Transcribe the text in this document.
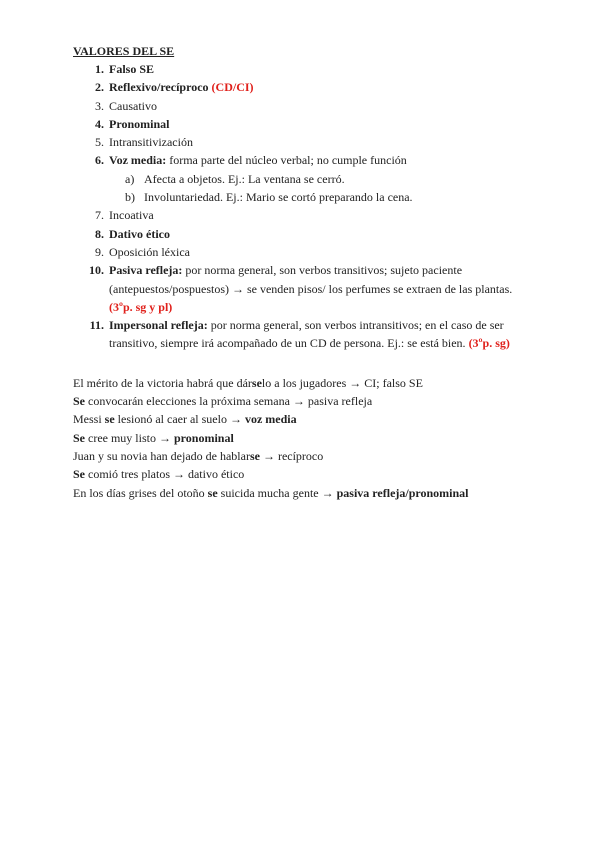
VALORES DEL SE
1. Falso SE
2. Reflexivo/recíproco (CD/CI)
3. Causativo
4. Pronominal
5. Intransitivización
6. Voz media: forma parte del núcleo verbal; no cumple función
a) Afecta a objetos. Ej.: La ventana se cerró.
b) Involuntariedad. Ej.: Mario se cortó preparando la cena.
7. Incoativa
8. Dativo ético
9. Oposición léxica
10. Pasiva refleja: por norma general, son verbos transitivos; sujeto paciente (antepuestos/pospuestos) → se venden pisos/ los perfumes se extraen de las plantas. (3ºp. sg y pl)
11. Impersonal refleja: por norma general, son verbos intransitivos; en el caso de ser transitivo, siempre irá acompañado de un CD de persona. Ej.: se está bien. (3ºp. sg)

El mérito de la victoria habrá que dárselo a los jugadores → CI; falso SE

Se convocarán elecciones la próxima semana → pasiva refleja

Messi se lesionó al caer al suelo → voz media

Se cree muy listo → pronominal

Juan y su novia han dejado de hablarse → recíproco

Se comió tres platos → dativo ético

En los días grises del otoño se suicida mucha gente → pasiva refleja/pronominal
